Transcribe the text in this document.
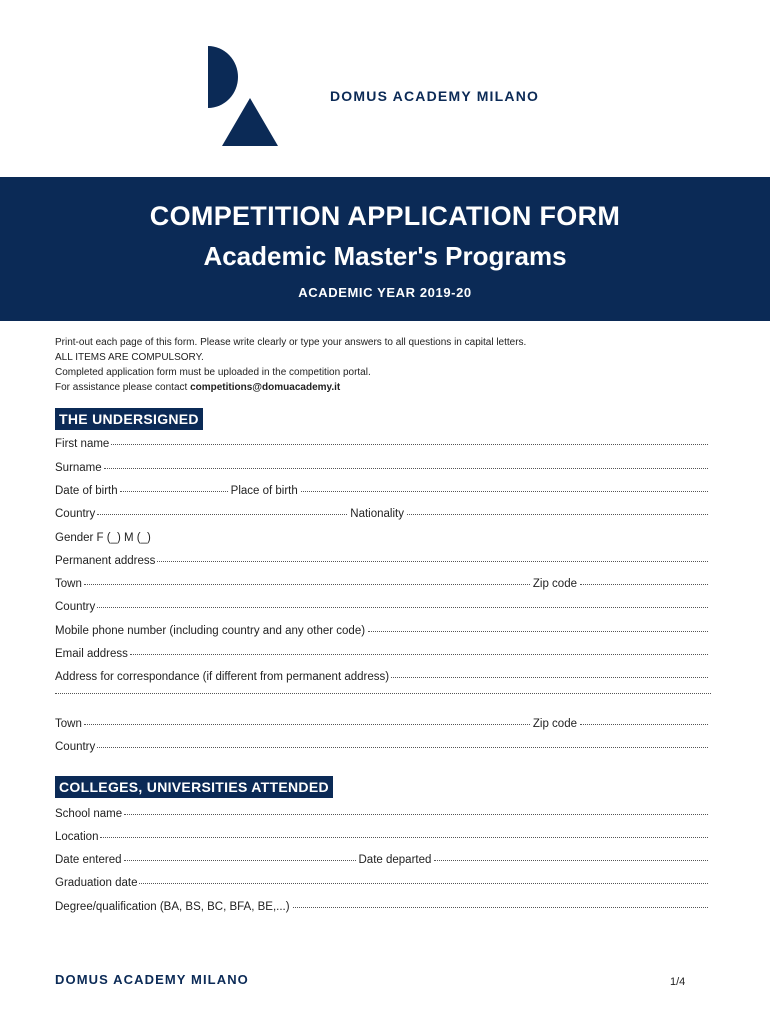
DOMUS ACADEMY MILANO
COMPETITION APPLICATION FORM
Academic Master's Programs
ACADEMIC YEAR 2019-20
Print-out each page of this form. Please write clearly or type your answers to all questions in capital letters.
ALL ITEMS ARE COMPULSORY.
Completed application form must be uploaded in the competition portal.
For assistance please contact competitions@domuacademy.it
THE UNDERSIGNED
First name
Surname
Date of birth	Place of birth
Country	Nationality
Gender F (_) M (_)
Permanent address
Town	Zip code
Country
Mobile phone number (including country and any other code)
Email address
Address for correspondance (if different from permanent address)
Town	Zip code
Country
COLLEGES, UNIVERSITIES ATTENDED
School name
Location
Date entered	Date departed
Graduation date
Degree/qualification (BA, BS, BC, BFA, BE,...)
DOMUS ACADEMY MILANO	1/4
